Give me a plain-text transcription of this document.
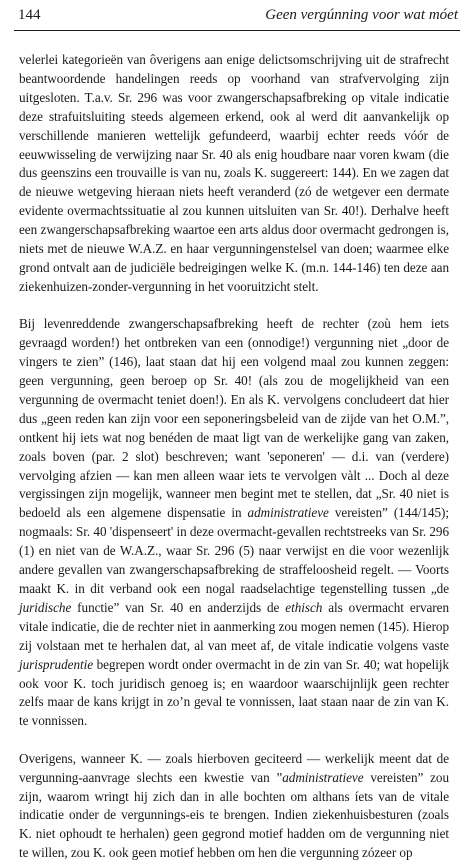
144	Geen vergúnning voor wat móet

velerlei kategorieën van ôverigens aan enige delictsomschrijving uit de strafrecht beantwoordende handelingen reeds op voorhand van strafvervolging zijn uitgesloten. T.a.v. Sr. 296 was voor zwangerschapsafbreking op vitale indicatie deze strafuitsluiting steeds algemeen erkend, ook al werd dit aanvankelijk op verschillende manieren wettelijk gefundeerd, waarbij echter reeds vóór de eeuwwisseling de verwijzing naar Sr. 40 als enig houdbare naar voren kwam (die dus geenszins een trouvaille is van nu, zoals K. suggereert: 144). En we zagen dat de nieuwe wetgeving hieraan niets heeft veranderd (zó de wetgever een dermate evidente overmachtssituatie al zou kunnen uitsluiten van Sr. 40!). Derhalve heeft een zwangerschapsafbreking waartoe een arts aldus door overmacht gedrongen is, niets met de nieuwe W.A.Z. en haar vergunningenstelsel van doen; waarmee elke grond ontvalt aan de judiciële bedreigingen welke K. (m.n. 144-146) ten deze aan ziekenhuizen-zonder-vergunning in het vooruitzicht stelt.

Bij levenreddende zwangerschapsafbreking heeft de rechter (zoù hem iets gevraagd worden!) het ontbreken van een (onnodige!) vergunning niet „door de vingers te zien” (146), laat staan dat hij een volgend maal zou kunnen zeggen: geen vergunning, geen beroep op Sr. 40! (als zou de mogelijkheid van een vergunning de overmacht teniet doen!). En als K. vervolgens concludeert dat hier dus „geen reden kan zijn voor een seponeringsbeleid van de zijde van het O.M.”, ontkent hij iets wat nog benéden de maat ligt van de werkelijke gang van zaken, zoals boven (par. 2 slot) beschreven; want 'seponeren' — d.i. van (verdere) vervolging afzien — kan men alleen waar iets te vervolgen vàlt ... Doch al deze vergissingen zijn mogelijk, wanneer men begint met te stellen, dat „Sr. 40 niet is bedoeld als een algemene dispensatie in administratieve vereisten” (144/145); nogmaals: Sr. 40 'dispenseert' in deze overmacht-gevallen rechtstreeks van Sr. 296 (1) en niet van de W.A.Z., waar Sr. 296 (5) naar verwijst en die voor wezenlijk andere gevallen van zwangerschapsafbreking de straffeloosheid regelt. — Voorts maakt K. in dit verband ook een nogal raadselachtige tegenstelling tussen „de juridische functie” van Sr. 40 en anderzijds de ethisch als overmacht ervaren vitale indicatie, die de rechter niet in aanmerking zou mogen nemen (145). Hierop zij volstaan met te herhalen dat, al van meet af, de vitale indicatie volgens vaste jurisprudentie begrepen wordt onder overmacht in de zin van Sr. 40; wat hopelijk ook voor K. toch juridisch genoeg is; en waardoor waarschijnlijk geen rechter zelfs maar de kans krijgt in zo’n geval te vonnissen, laat staan naar de zin van K. te vonnissen.

Overigens, wanneer K. — zoals hierboven geciteerd — werkelijk meent dat de vergunning-aanvrage slechts een kwestie van ”administratieve vereisten” zou zijn, waarom wringt hij zich dan in alle bochten om althans íets van de vitale indicatie onder de vergunnings-eis te brengen. Indien ziekenhuisbesturen (zoals K. niet ophoudt te herhalen) geen gegrond motief hadden om de vergunning niet te willen, zou K. ook geen motief hebben om hen die vergunning zózeer op
